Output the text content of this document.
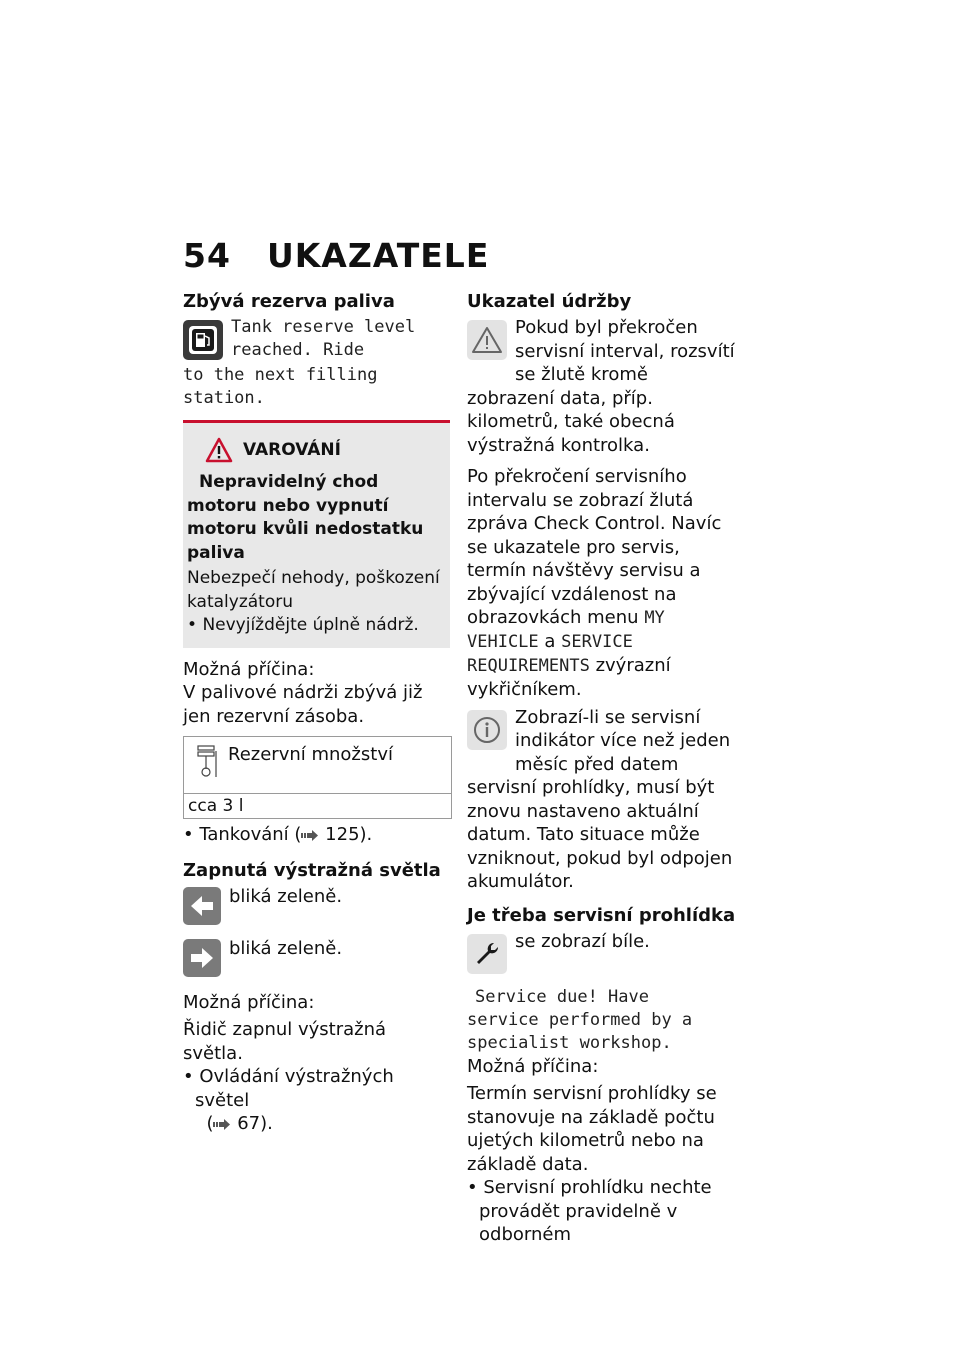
54 UKAZATELE
Zbývá rezerva paliva
Tank reserve level
reached. Ride
to the next filling
station.
VAROVÁNÍ
Nepravidelný chod motoru nebo vypnutí motoru kvůli nedostatku paliva
Nebezpečí nehody, poškození katalyzátoru
• Nevyjíždějte úplně nádrž.
Možná příčina:
V palivové nádrži zbývá již jen rezervní zásoba.
Rezervní množství
cca 3 l
• Tankování ( 125).
Zapnutá výstražná světla
bliká zeleně.
bliká zeleně.
Možná příčina:
Řidič zapnul výstražná světla.
• Ovládání výstražných světel
( 67).
Ukazatel údržby
Pokud byl překročen servisní interval, rozsvítí se žlutě kromě zobrazení data, příp. kilometrů, také obecná výstražná kontrolka.
Po překročení servisního intervalu se zobrazí žlutá zpráva Check Control. Navíc se ukazatele pro servis, termín návštěvy servisu a zbývající vzdálenost na obrazovkách menu MY VEHICLE a SERVICE REQUIREMENTS zvýrazní vykřičníkem.
Zobrazí-li se servisní indikátor více než jeden měsíc před datem servisní prohlídky, musí být znovu nastaveno aktuální datum. Tato situace může vzniknout, pokud byl odpojen akumulátor.
Je třeba servisní prohlídka
se zobrazí bíle.
Service due! Have
service performed by a
specialist workshop.
Možná příčina:
Termín servisní prohlídky se stanovuje na základě počtu ujetých kilometrů nebo na základě data.
• Servisní prohlídku nechte provádět pravidelně v odborném
